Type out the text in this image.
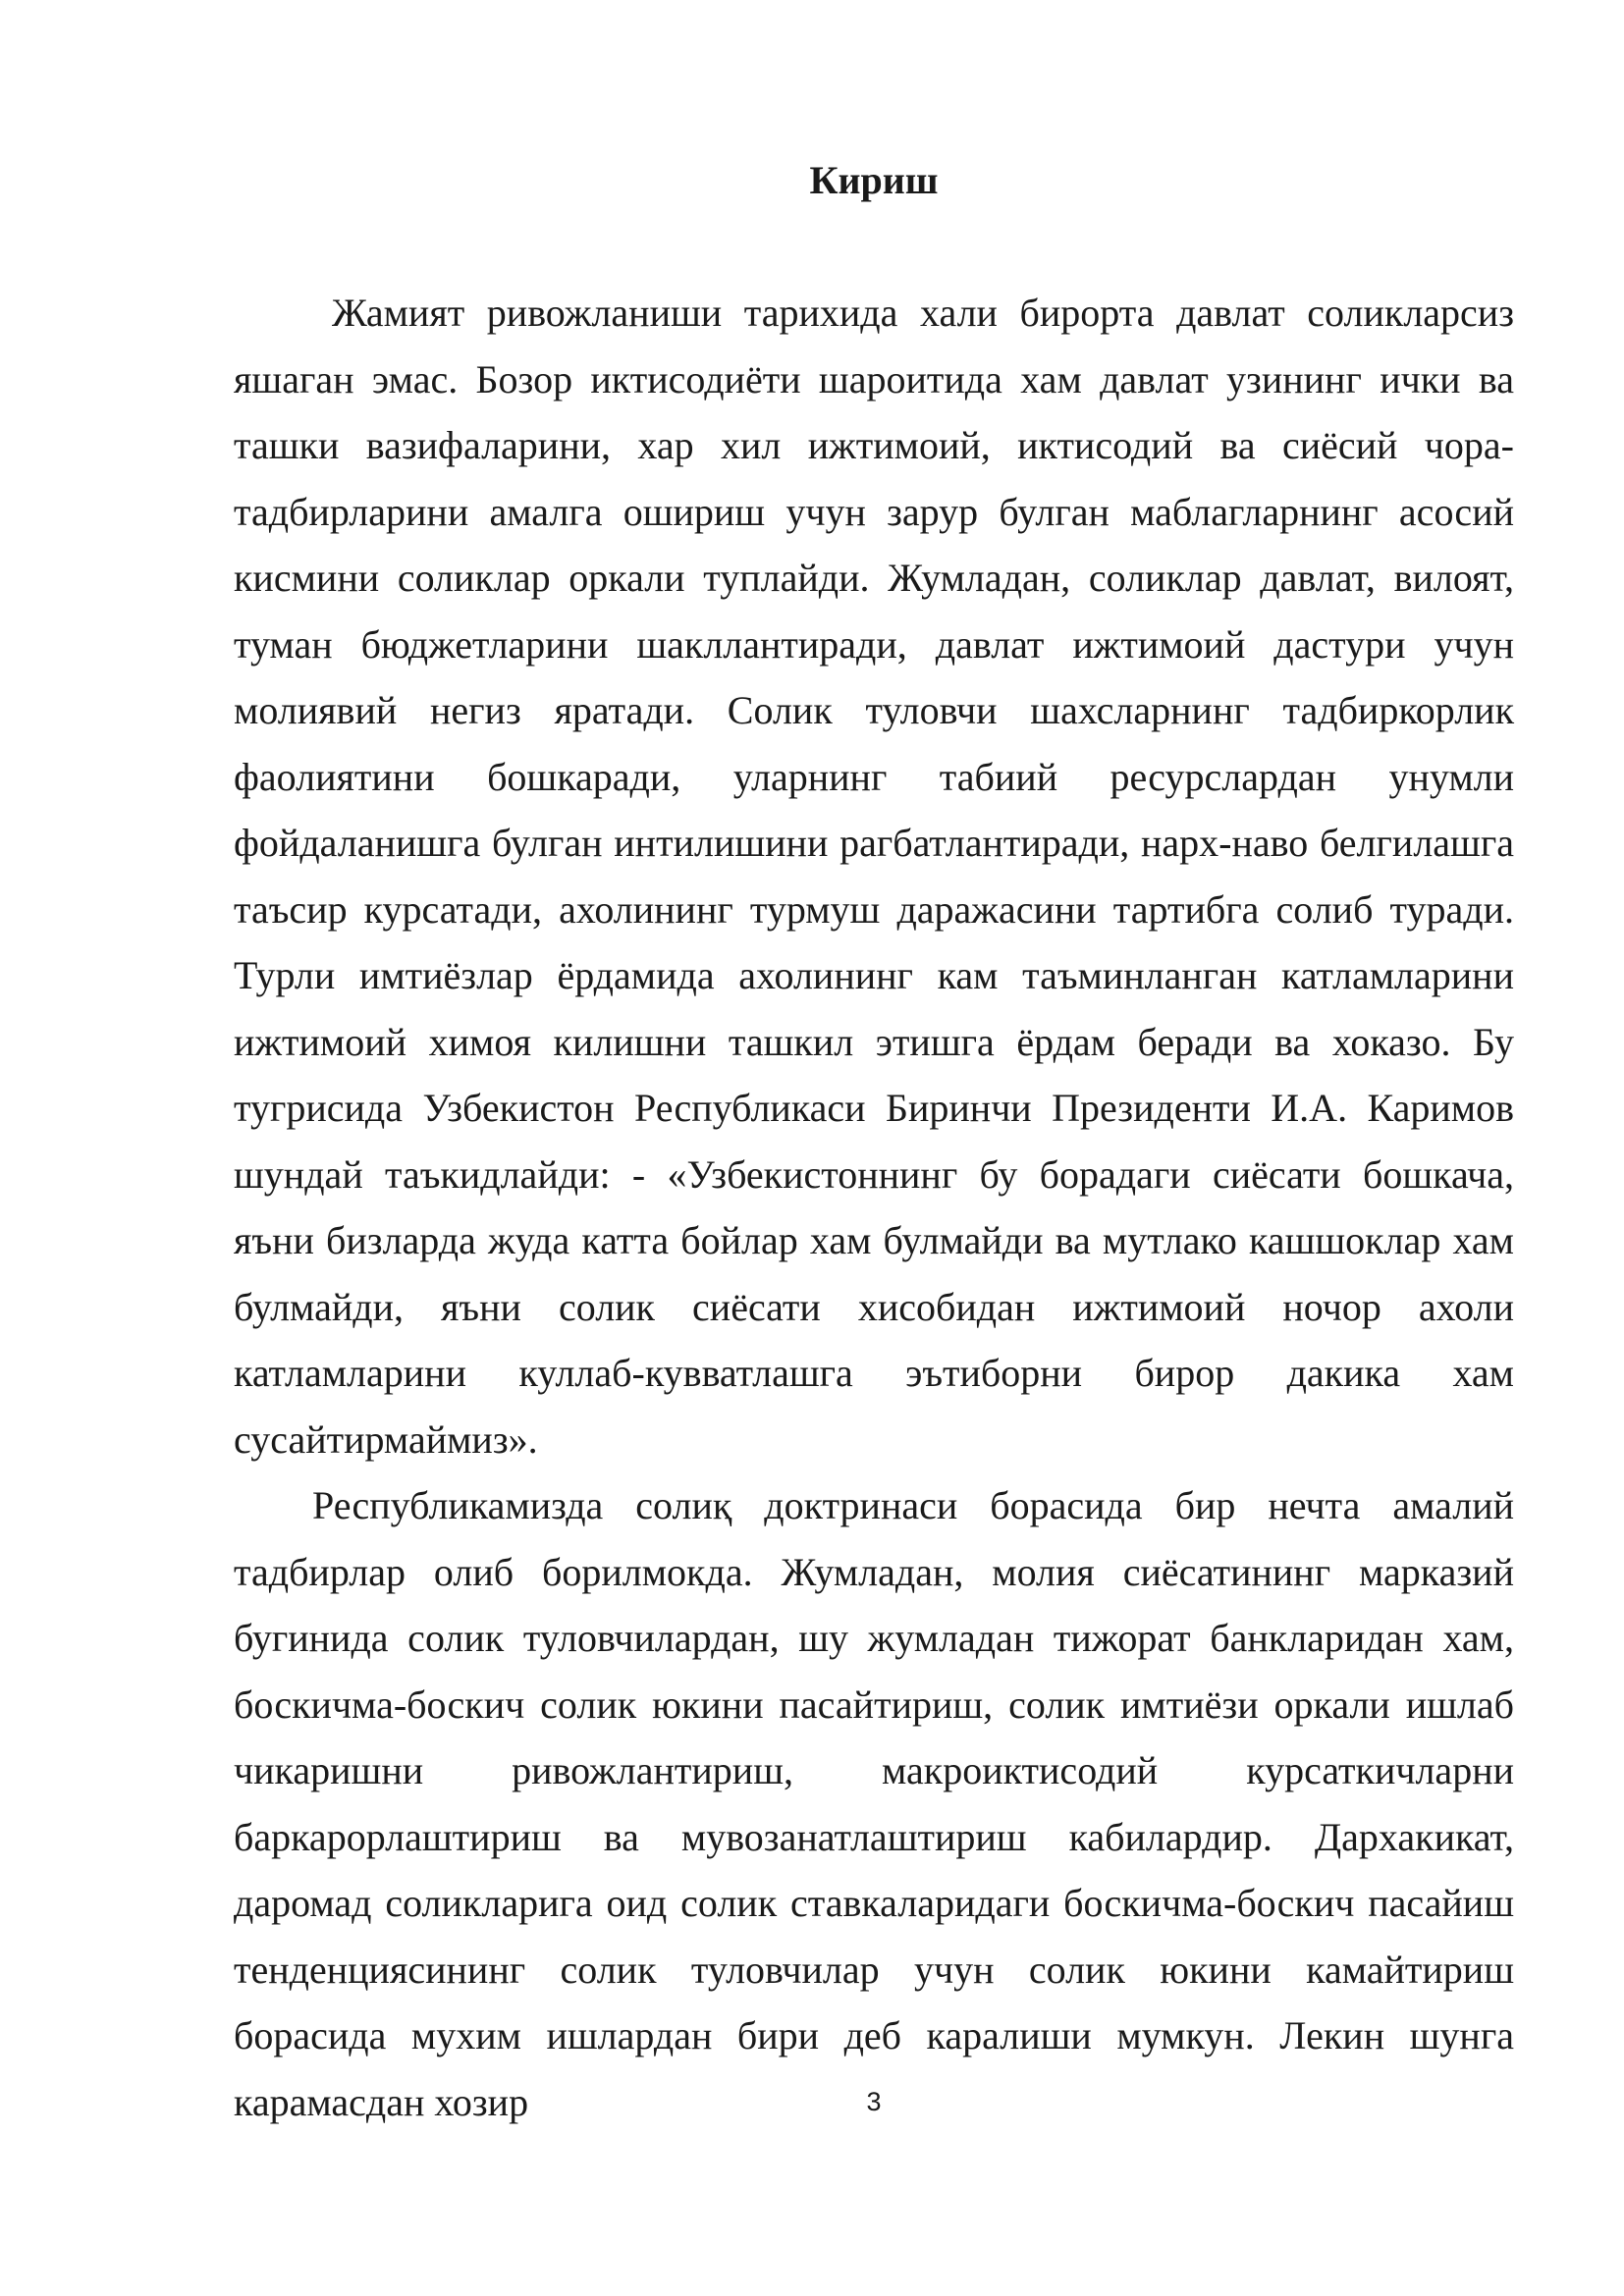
Кириш

Жамият ривожланиши тарихида хали бирорта давлат соликларсиз яшаган эмас. Бозор иктисодиёти шароитида хам давлат узининг ички ва ташки вазифаларини, хар хил ижтимоий, иктисодий ва сиёсий чора-тадбирларини амалга ошириш учун зарур булган маблагларнинг асосий кисмини соликлар оркали туплайди. Жумладан, соликлар давлат, вилоят, туман бюджетларини шакллантиради, давлат ижтимоий дастури учун молиявий негиз яратади. Солик туловчи шахсларнинг тадбиркорлик фаолиятини бошкаради, уларнинг табиий ресурслардан унумли фойдаланишга булган интилишини рагбатлантиради, нарх-наво белгилашга таъсир курсатади, ахолининг турмуш даражасини тартибга солиб туради. Турли имтиёзлар ёрдамида ахолининг кам таъминланган катламларини ижтимоий химоя килишни ташкил этишга ёрдам беради ва хоказо. Бу тугрисида Узбекистон Республикаси Биринчи Президенти И.А. Каримов шундай таъкидлайди: - «Узбекистоннинг бу борадаги сиёсати бошкача, яъни бизларда жуда катта бойлар хам булмайди ва мутлако кашшоклар хам булмайди, яъни солик сиёсати хисобидан ижтимоий ночор ахоли катламларини куллаб-кувватлашга эътиборни бирор дакика хам сусайтирмаймиз».

Республикамизда солиқ доктринаси борасида бир нечта амалий тадбирлар олиб борилмокда. Жумладан, молия сиёсатининг марказий бугинида солик туловчилардан, шу жумладан тижорат банкларидан хам, боскичма-боскич солик юкини пасайтириш, солик имтиёзи оркали ишлаб чикаришни ривожлантириш, макроиктисодий курсаткичларни баркарорлаштириш ва мувозанатлаштириш кабилардир. Дархакикат, даромад соликларига оид солик ставкаларидаги боскичма-боскич пасайиш тенденциясининг солик туловчилар учун солик юкини камайтириш борасида мухим ишлардан бири деб каралиши мумкун. Лекин шунга карамасдан хозир	3
